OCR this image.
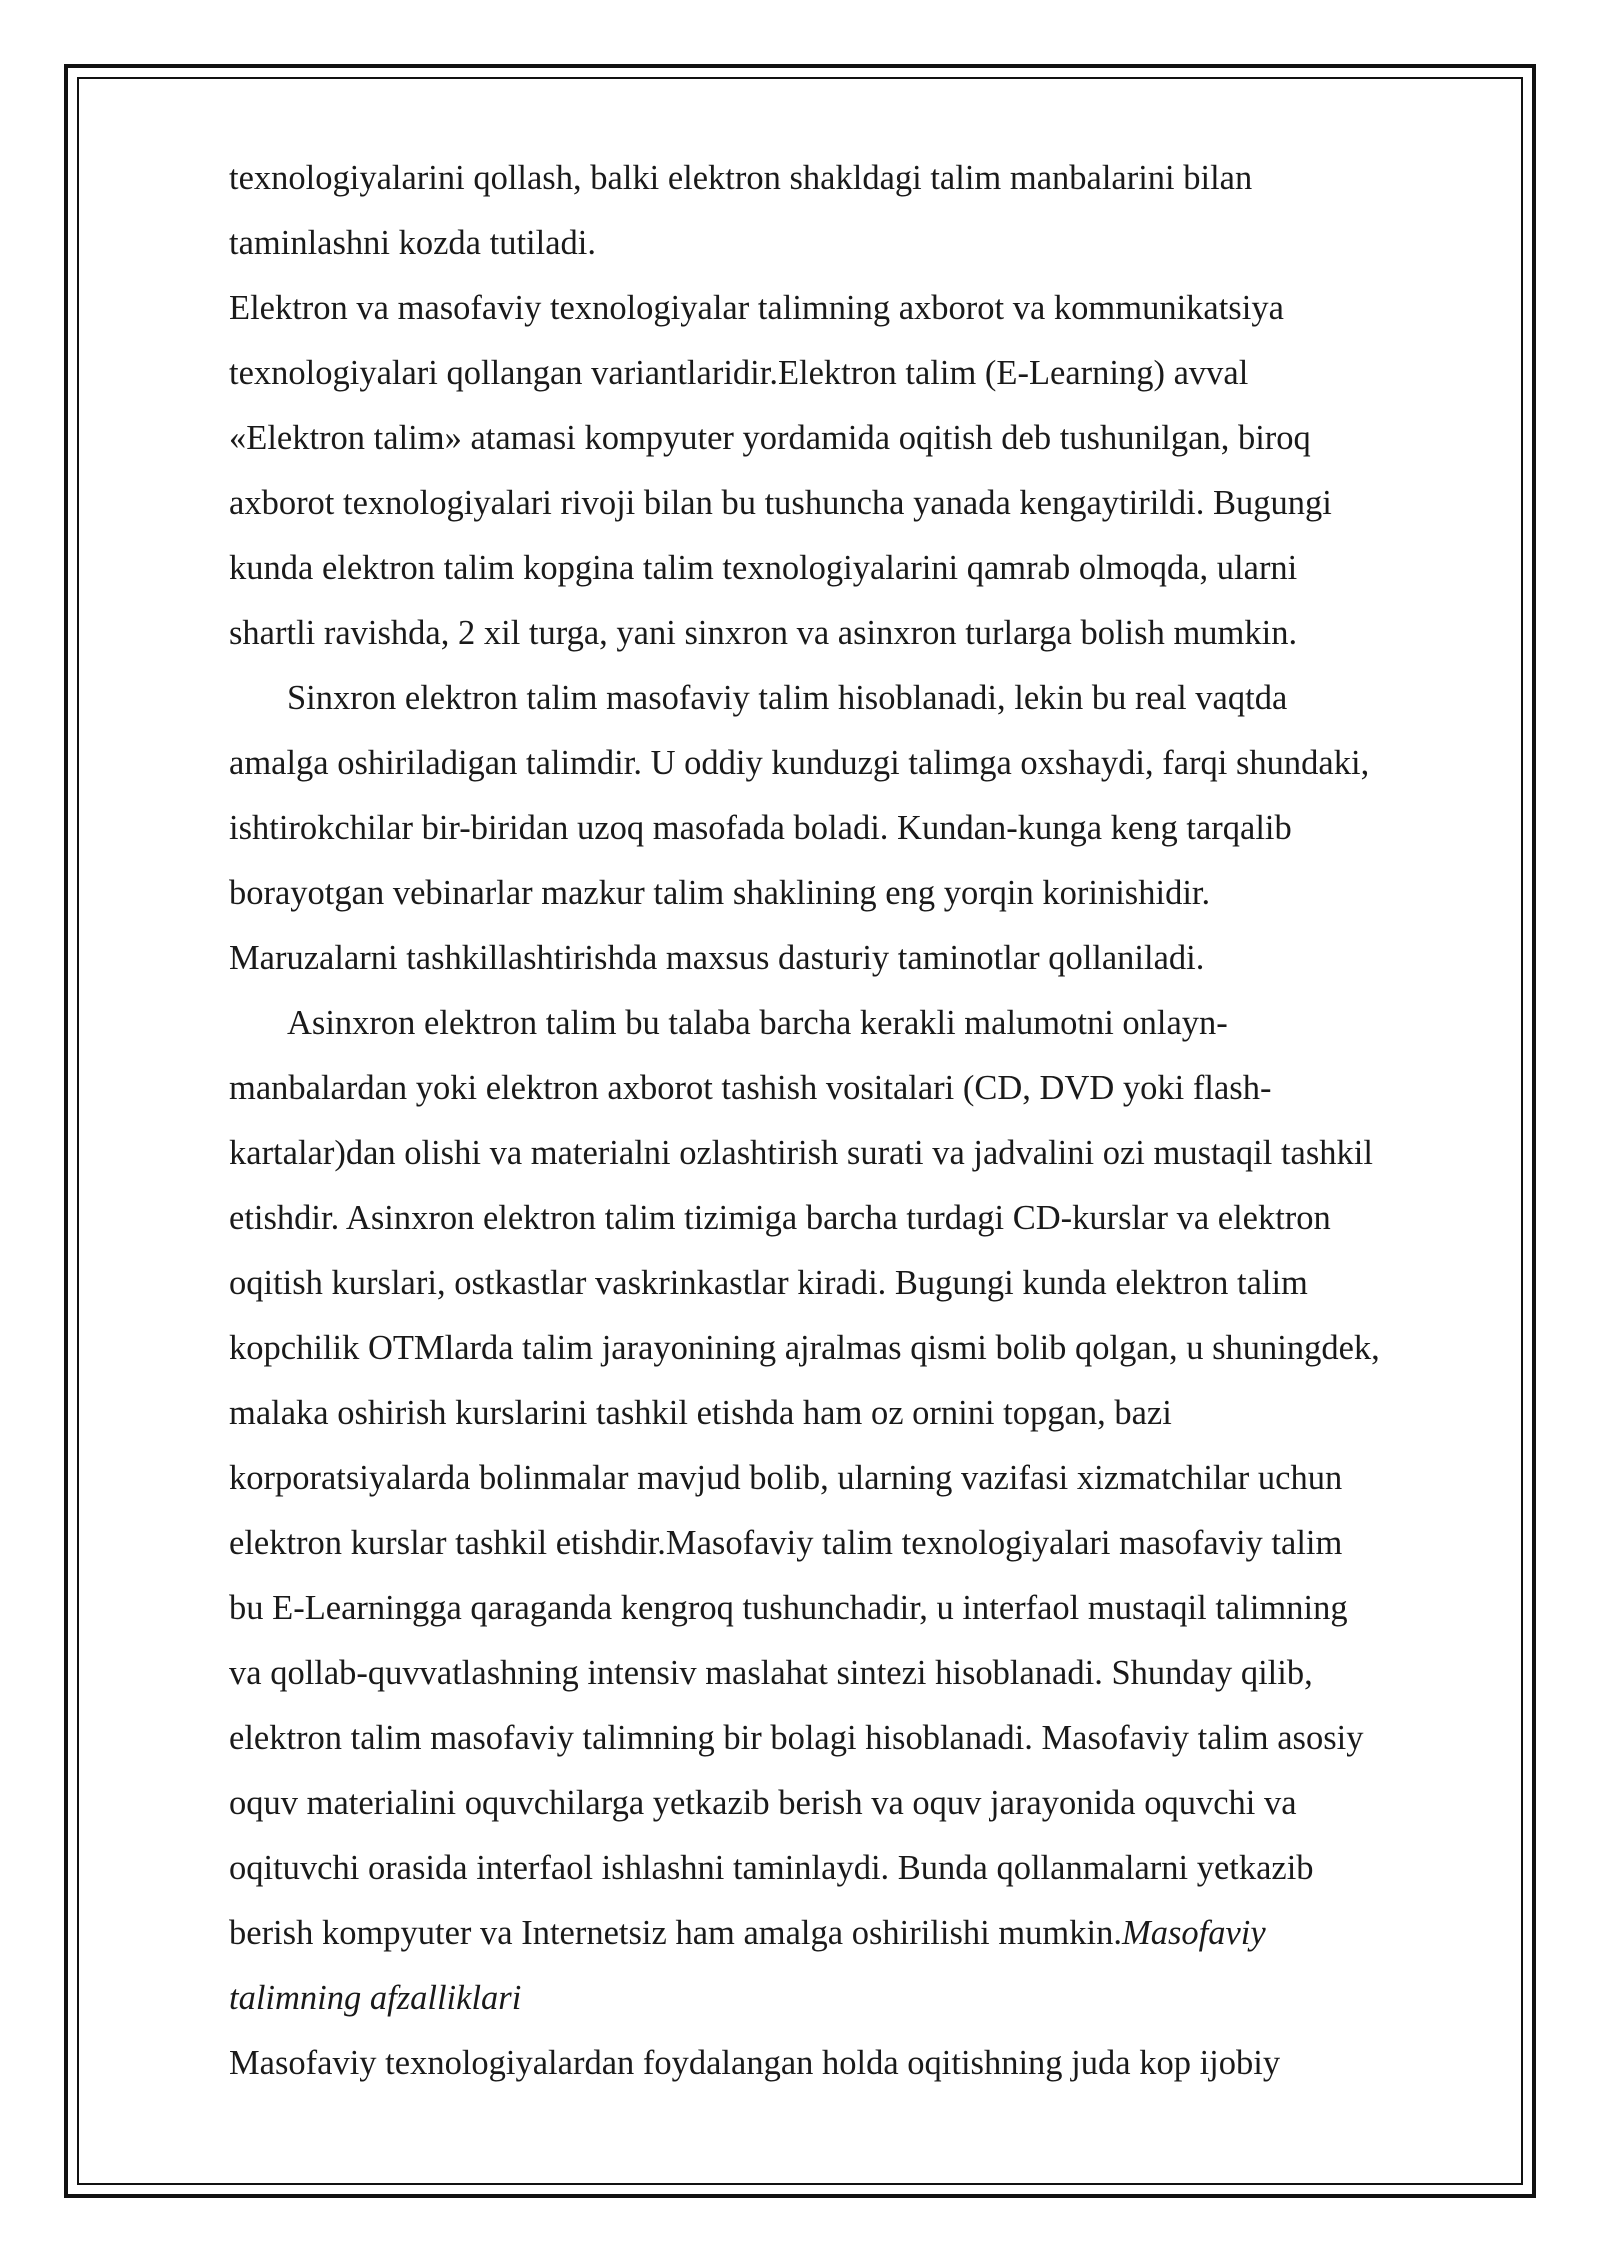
texnologiyalarini qollash, balki elektron shakldagi talim manbalarini bilan
taminlashni kozda tutiladi.
Elektron va masofaviy texnologiyalar talimning axborot va kommunikatsiya
texnologiyalari qollangan variantlaridir.Elektron talim (E-Learning) avval
«Elektron talim» atamasi kompyuter yordamida oqitish deb tushunilgan, biroq
axborot texnologiyalari rivoji bilan bu tushuncha yanada kengaytirildi. Bugungi
kunda elektron talim kopgina talim texnologiyalarini qamrab olmoqda, ularni
shartli ravishda, 2 xil turga, yani sinxron va asinxron turlarga bolish mumkin.
Sinxron elektron talim masofaviy talim hisoblanadi, lekin bu real vaqtda
amalga oshiriladigan talimdir. U oddiy kunduzgi talimga oxshaydi, farqi shundaki,
ishtirokchilar bir-biridan uzoq masofada boladi. Kundan-kunga keng tarqalib
borayotgan vebinarlar mazkur talim shaklining eng yorqin korinishidir.
Maruzalarni tashkillashtirishda maxsus dasturiy taminotlar qollaniladi.
Asinxron elektron talim bu talaba barcha kerakli malumotni onlayn-
manbalardan yoki elektron axborot tashish vositalari (CD, DVD yoki flash-
kartalar)dan olishi va materialni ozlashtirish surati va jadvalini ozi mustaqil tashkil
etishdir. Asinxron elektron talim tizimiga barcha turdagi CD-kurslar va elektron
oqitish kurslari, ostkastlar vaskrinkastlar kiradi. Bugungi kunda elektron talim
kopchilik OTMlarda talim jarayonining ajralmas qismi bolib qolgan, u shuningdek,
malaka oshirish kurslarini tashkil etishda ham oz ornini topgan, bazi
korporatsiyalarda bolinmalar mavjud bolib, ularning vazifasi xizmatchilar uchun
elektron kurslar tashkil etishdir.Masofaviy talim texnologiyalari masofaviy talim
bu E-Learningga qaraganda kengroq tushunchadir, u interfaol mustaqil talimning
va qollab-quvvatlashning intensiv maslahat sintezi hisoblanadi. Shunday qilib,
elektron talim masofaviy talimning bir bolagi hisoblanadi. Masofaviy talim asosiy
oquv materialini oquvchilarga yetkazib berish va oquv jarayonida oquvchi va
oqituvchi orasida interfaol ishlashni taminlaydi. Bunda qollanmalarni yetkazib
berish kompyuter va Internetsiz ham amalga oshirilishi mumkin.Masofaviy
talimning afzalliklari
Masofaviy texnologiyalardan foydalangan holda oqitishning juda kop ijobiy
